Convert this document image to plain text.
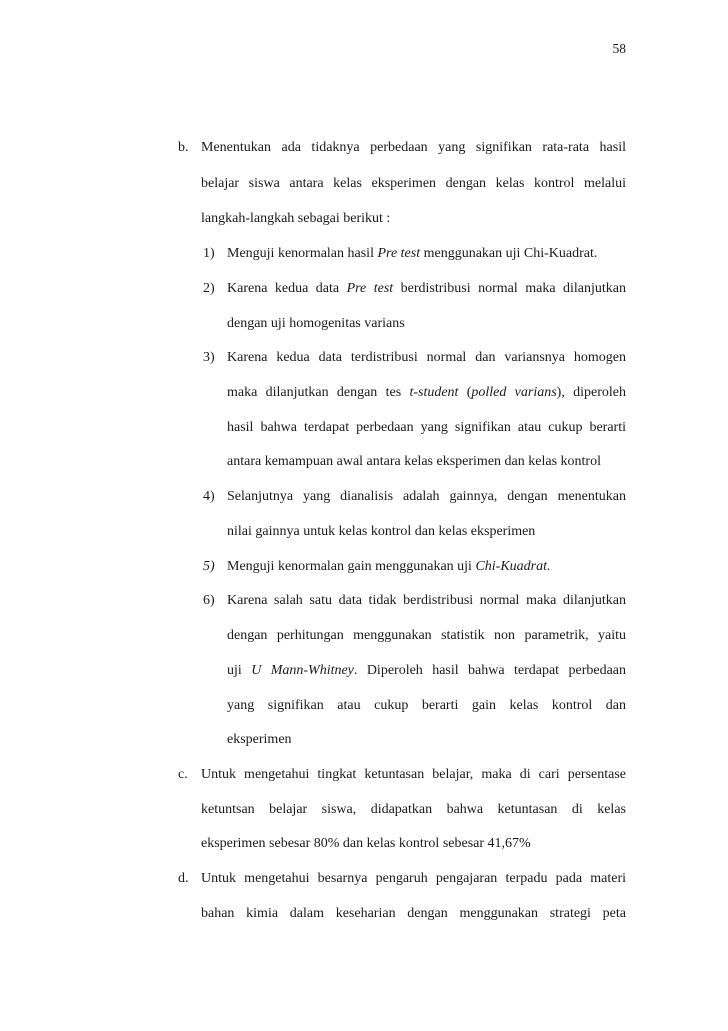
58
b. Menentukan ada tidaknya perbedaan yang signifikan rata-rata hasil
belajar siswa antara kelas eksperimen dengan kelas kontrol melalui
langkah-langkah sebagai berikut :
1) Menguji kenormalan hasil Pre test menggunakan uji Chi-Kuadrat.
2) Karena kedua data Pre test berdistribusi normal maka dilanjutkan
dengan uji homogenitas varians
3) Karena kedua data terdistribusi normal dan variansnya homogen
maka dilanjutkan dengan tes t-student (polled varians), diperoleh
hasil bahwa terdapat perbedaan yang signifikan atau cukup berarti
antara kemampuan awal antara kelas eksperimen dan kelas kontrol
4) Selanjutnya yang dianalisis adalah gainnya, dengan menentukan
nilai gainnya untuk kelas kontrol dan kelas eksperimen
5) Menguji kenormalan gain menggunakan uji Chi-Kuadrat.
6) Karena salah satu data tidak berdistribusi normal maka dilanjutkan
dengan perhitungan menggunakan statistik non parametrik, yaitu
uji U Mann-Whitney. Diperoleh hasil bahwa terdapat perbedaan
yang signifikan atau cukup berarti gain kelas kontrol dan
eksperimen
c. Untuk mengetahui tingkat ketuntasan belajar, maka di cari persentase
ketuntsan belajar siswa, didapatkan bahwa ketuntasan di kelas
eksperimen sebesar 80% dan kelas kontrol sebesar 41,67%
d. Untuk mengetahui besarnya pengaruh pengajaran terpadu pada materi
bahan kimia dalam keseharian dengan menggunakan strategi peta
